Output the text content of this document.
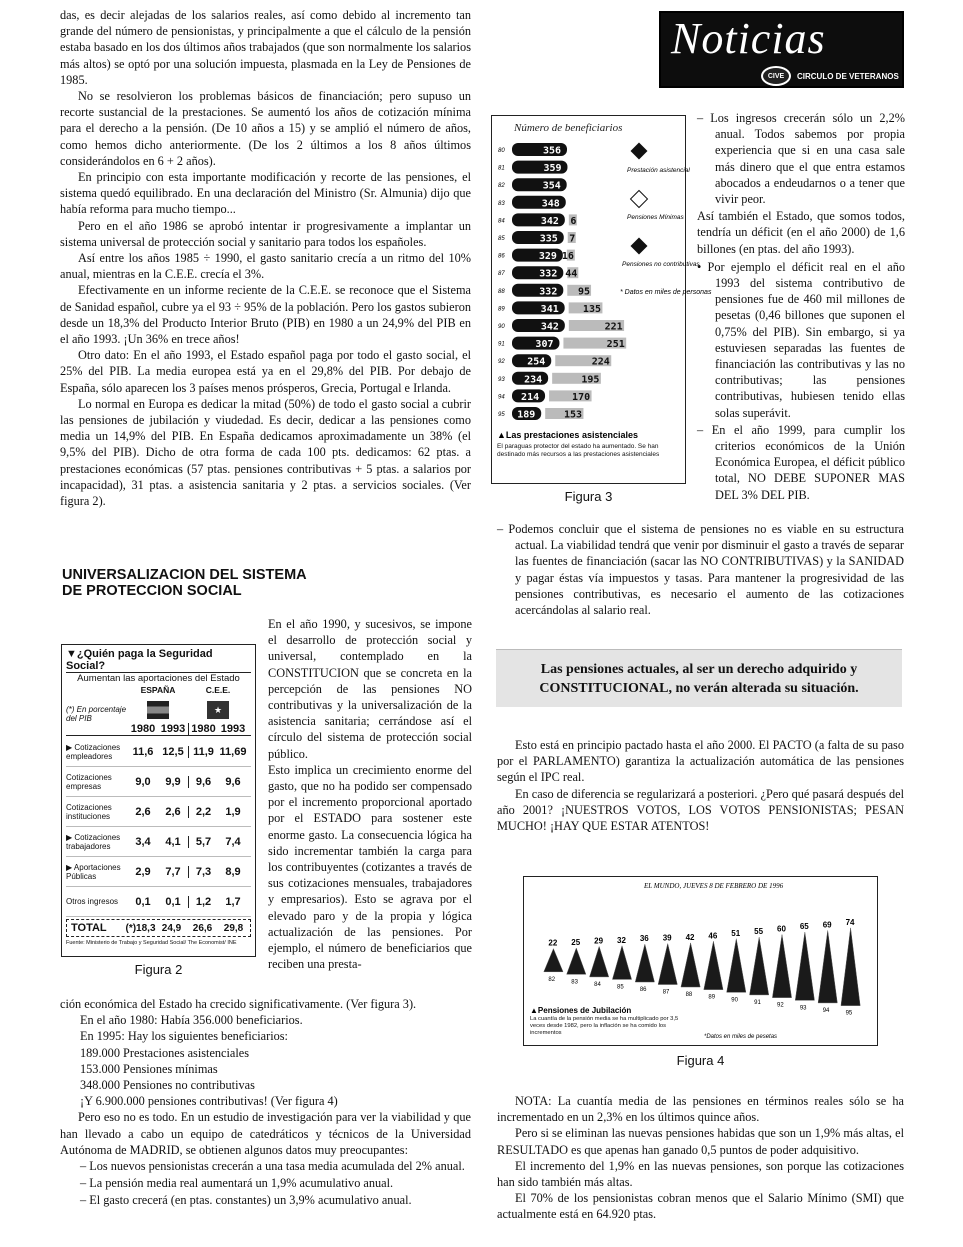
das, es decir alejadas de los salarios reales, así como debido al incremento tan grande del número de pensionistas, y principalmente a que el cálculo de la pensión estaba basado en los dos últimos años trabajados (que son normalmente los salarios más altos) se optó por una solución impuesta, plasmada en la Ley de Pensiones de 1985.

No se resolvieron los problemas básicos de financiación; pero supuso un recorte sustancial de la prestaciones. Se aumentó los años de cotización mínima para el derecho a la pensión. (De 10 años a 15) y se amplió el número de años, como hemos dicho anteriormente. (De los 2 últimos a los 8 años últimos considerándolos en 6 + 2 años).

En principio con esta importante modificación y recorte de las pensiones, el sistema quedó equilibrado. En una declaración del Ministro (Sr. Almunia) dijo que había reforma para mucho tiempo...

Pero en el año 1986 se aprobó intentar ir progresivamente a implantar un sistema universal de protección social y sanitario para todos los españoles.

Así entre los años 1985 ÷ 1990, el gasto sanitario crecía a un ritmo del 10% anual, mientras en la C.E.E. crecía el 3%.

Efectivamente en un informe reciente de la C.E.E. se reconoce que el Sistema de Sanidad español, cubre ya el 93 ÷ 95% de la población. Pero los gastos subieron desde un 18,3% del Producto Interior Bruto (PIB) en 1980 a un 24,9% del PIB en el año 1993. ¡Un 36% en trece años!

Otro dato: En el año 1993, el Estado español paga por todo el gasto social, el 25% del PIB. La media europea está ya en el 29,8% del PIB. Por debajo de España, sólo aparecen los 3 países menos prósperos, Grecia, Portugal e Irlanda.

Lo normal en Europa es dedicar la mitad (50%) de todo el gasto social a cubrir las pensiones de jubilación y viudedad. Es decir, dedicar a las pensiones como media un 14,9% del PIB. En España dedicamos aproximadamente un 38% (el 9,5% del PIB). Dicho de otra forma de cada 100 pts. dedicamos: 62 ptas. a prestaciones económicas (57 ptas. pensiones contributivas + 5 ptas. a salarios por incapacidad), 31 ptas. a asistencia sanitaria y 2 ptas. a servicios sociales. (Ver figura 2).

UNIVERSALIZACION DEL SISTEMA
DE PROTECCION SOCIAL
▼¿Quién paga la Seguridad Social?
Aumentan las aportaciones del Estado
ESPAÑA	C.E.E.
(*) En porcentaje del PIB
★
1980 1993 1980 1993
▶ Cotizaciones empleadores	11,6 12,5 11,9 11,69
Cotizaciones empresas	9,0	9,9	9,6	9,6
Cotizaciones instituciones	2,6	2,6	2,2	1,9
▶ Cotizaciones trabajadores	3,4	4,1	5,7	7,4
▶ Aportaciones Públicas	2,9	7,7	7,3	8,9
Otros ingresos	0,1	0,1	1,2	1,7
TOTAL	(*)18,3 24,9	26,6	29,8
Fuente: Ministerio de Trabajo y Seguridad Social/ The Economist/ INE
Figura 2

En el año 1990, y sucesivos, se impone el desarrollo de protección social y universal, contemplado en la CONSTITUCION que se concreta en la percepción de las pensiones NO contributivas y la universalización de la asistencia sanitaria; cerrándose así el círculo del sistema de protección social público.
Esto implica un crecimiento enorme del gasto, que no ha podido ser compensado por el incremento proporcional aportado por el ESTADO para sostener este enorme gasto. La consecuencia lógica ha sido incrementar también la carga para los contribuyentes (cotizantes a través de sus cotizaciones mensuales, trabajadores y empresarios). Esto se agrava por el elevado paro y de la propia y lógica actualización de las pensiones. Por ejemplo, el número de beneficiarios que reciben una presta-

ción económica del Estado ha crecido significativamente. (Ver figura 3).

En el año 1980: Había 356.000 beneficiarios.
En 1995: Hay los siguientes beneficiarios:
189.000 Prestaciones asistenciales
153.000 Pensiones mínimas
348.000 Pensiones no contributivas
¡Y 6.900.000 pensiones contributivas! (Ver figura 4)

Pero eso no es todo. En un estudio de investigación para ver la viabilidad y que han llevado a cabo un equipo de catedráticos y técnicos de la Universidad Autónoma de MADRID, se obtienen algunos datos muy preocupantes:

– Los nuevos pensionistas crecerán a una tasa media acumulada del 2% anual.
– La pensión media real aumentará un 1,9% acumulativo anual.
– El gasto crecerá (en ptas. constantes) un 3,9% acumulativo anual.
Noticias
CIVE CIRCULO DE VETERANOS
Número de beneficiarios
80	356
81	359
82	354
83	348
84	342 6
85	335 7
86	329 16
87	332 44
88	332 95
89	341 135
90	342	221
91	307	251
92 254	224
93 234	195
94 214	170
95 189	153
Prestación asistencial
Pensiones Mínimas
Pensiones no contributivas
* Datos en miles de personas
▲Las prestaciones asistenciales
El paraguas protector del estado ha aumentado. Se han destinado más recursos a las prestaciones asistenciales
Figura 3
– Los ingresos crecerán sólo un 2,2% anual. Todos sabemos por propia experiencia que si en una casa sale más dinero que el que entra estamos abocados a endeudarnos o a tener que vivir peor.

Así también el Estado, que somos todos, tendría un déficit (en el año 2000) de 1,6 billones (en ptas. del año 1993).

• Por ejemplo el déficit real en el año 1993 del sistema contributivo de pensiones fue de 460 mil millones de pesetas (0,46 billones que suponen el 0,75% del PIB). Sin embargo, si ya estuviesen separadas las fuentes de financiación las contributivas y las no contributivas; las pensiones contributivas, hubiesen tenido ellas solas superávit.
– En el año 1999, para cumplir los criterios económicos de la Unión Económica Europea, el déficit público total, NO DEBE SUPONER MAS DEL 3% DEL PIB.
– Podemos concluir que el sistema de pensiones no es viable en su estructura actual. La viabilidad tendrá que venir por disminuir el gasto a través de separar las fuentes de financiación (sacar las NO CONTRIBUTIVAS) y la SANIDAD y pagar éstas vía impuestos y tasas. Para mantener la progresividad de las pensiones contributivas, es necesario el aumento de las cotizaciones acercándolas al salario real.
Las pensiones actuales, al ser un derecho adquirido y CONSTITUCIONAL, no verán alterada su situación.

Esto está en principio pactado hasta el año 2000. El PACTO (a falta de su paso por el PARLAMENTO) garantiza la actualización automática de las pensiones según el IPC real.

En caso de diferencia se regularizará a posteriori. ¿Pero qué pasará después del año 2001? ¡NUESTROS VOTOS, LOS VOTOS PENSIONISTAS; PESAN MUCHO! ¡HAY QUE ESTAR ATENTOS!

EL MUNDO, JUEVES 8 DE FEBRERO DE 1996
22
82
25
83
29
84
32
85
36
86
39
87
42
88
46
89
51
90
55
91
60
92
65
93
69
94
74
95
▲Pensiones de Jubilación
*Datos en miles de pesetas
La cuantía de la pensión media se ha multiplicado por 3,5 veces desde 1982, pero la inflación se ha comido los incrementos
Figura 4

NOTA: La cuantía media de las pensiones en términos reales sólo se ha incrementado en un 2,3% en los últimos quince años.

Pero si se eliminan las nuevas pensiones habidas que son un 1,9% más altas, el RESULTADO es que apenas han ganado 0,5 puntos de poder adquisitivo.

El incremento del 1,9% en las nuevas pensiones, son porque las cotizaciones han sido también más altas.

El 70% de los pensionistas cobran menos que el Salario Mínimo (SMI) que actualmente está en 64.920 ptas.
